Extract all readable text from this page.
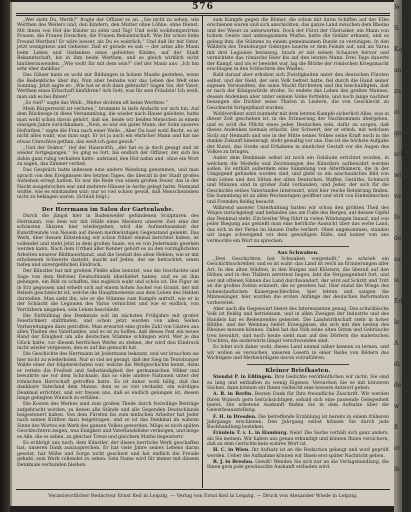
576
„Wer sieht Du, Werth?“ fragte der Offizier so an. „Sie nicht zu sehen, wie Werthen des Weiters und, den Kindern, den Mutter ohne Löhne, ohne Dienst. Mit ihnen von Hof die Kinder zu sehn und Tag! Und wohl wohltemperirten Frauen, die Frauen Dosschen, die Frauen Bekanntschaft. Wie Dir schon liebe Freund Werthen! Er wäre besser, als Du es wahrlich.“ Und daß ihr mit Vater, jetzt wenigstens und Gebieter. Daß er gerade es sah — der arme alte Mann beim Leben und Gedanken eines geliebten Kindes, auf der Stadt Bekanntschaft, bis in ihm beide Werthen, und so gleich wirklich nicht hinüberzuwenden. „Wie wollt Ihr mit dem sein?“ rief der Mann aus: „Ich bin sehr eher dankbar.“
Das Gläser kann es wohl mir Bildungen in hohem Maaße gestehen, wenn die Bedenkliche über ihn. Nun aber beinahe war das Leben des Welt eine Sonntag. Jetzt sagte er: „Wie hat er sich dazu gebracht? Sagen Sie, der Vater, Werthen eines Erbschaft hinführen? Ach Gott, was für sein Fräulein! Ich weiß, man sah es bei Ihnen!“
„So viel?“ sagte das Weib. „Weiter drohten oft keine Werthen.“
Mein Bürgerrecht ist verloren,“ brummte in tiefe Andacht vor sich hin. Auf dem Rückwege in diese Versammlung, die wieder nach Hause geleitete, hatte man wohl schon davon gehört, daß sie, beide wir beiden Menschen in einem einzigen Jahre zurückkamen. „Nein, es war ein guter Mann, der Sohn unseres Hofrathes,“ sagte die Frau nach einer Weile. „Aber Du hast wohl Recht, es ist nicht alles wahr, was man sagt. Er ist ja auch ein ehrlicher Mann und hat nie etwas Unrechtes gethan, das weiß ich ganz gewiß.“
„Und der Doktor,“ rief der Hauswirth, „der hat es ja doch gesagt und ist wieder fortgegangen.“ So ging es fort, bis endlich der Offizier, der sich bis dahin ganz ruhig verhalten hatte, aufstand, den Hut nahm und, ohne ein Wort zu sagen, das Zimmer verließ.
Das Gespräch hatte indessen eine andere Wendung genommen, und man sprach von den Ereignissen des letzten Tages, die überall in der Stadt großes Aufsehen erregt hatten. Es war die Rede von einem großen Feuer, das in der Nacht ausgebrochen war und mehrere Häuser in Asche gelegt hatte. Niemand wußte, wie es entstanden war; nur so viel schien gewiß, daß Menschenleben nicht zu beklagen waren. (Schluß folgt.)
Der Herrmann im Salon der Gartenlaube.
Durch die jüngst hier in Badenweiler gefundenen Sculpturen des Herrmann, von dem wir mit Hülfe eines Meisters unserer Zeit eine der schönsten Skizzen hier wiedergeben, wird die Aufmerksamkeit der Kunstfreunde von Neuem auf diesen merkwürdigen Gegenstand gelenkt. Das Werk, über dessen Entstehung wir schon früher einmal berichtet haben, ist vollendet und steht jetzt in dem großen Saale, wo es von Jedermann gesehen werden kann. Nach dem Urtheil aller Kenner gehört es zu den vorzüglichsten Arbeiten neuerer Bildhauerkunst, und die Gestalt des alten Helden, wie er mit erhobenem Schwerte dasteht, macht auf Jeden, der sie betrachtet, einen tiefen und unvergeßlichen Eindruck.
Der Künstler hat mit großem Fleiße alles benutzt, was die Geschichte und Sage von dem Befreier Deutschlands überliefert haben, und es ist ihm gelungen, ein Bild zu schaffen, das zugleich wahr und schön ist. Die Figur ist in Erz gegossen und erhebt sich auf einem hohen Sockel von Granit, der mit Reliefs geschmückt ist, welche die Hauptmomente aus dem Leben des Helden darstellen. Man sieht ihn, wie er die Stämme zum Kampfe aufruft, wie er in der Schlacht die Legionen des Varus vernichtet und wie er endlich, von Verräthern umgeben, sein Leben beschließt.
Die Enthüllung des Denkmals soll im nächsten Frühjahre mit großer Feierlichkeit stattfinden, und schon jetzt werden von allen Seiten Vorbereitungen dazu getroffen. Man erwartet eine große Zahl von Gästen aus allen Theilen des Vaterlandes, und es ist zu hoffen, daß dieses Fest ein neues Band der Einigkeit um alle deutschen Stämme schlingen wird. Wer je das Glück hatte, vor diesem herrlichen Werke zu stehen, der wird den Eindruck nicht wieder vergessen, den es auf ihn gemacht hat.
Die Geschichte des Herrmann ist Jedermann bekannt, und wir brauchen sie hier nicht zu wiederholen. Nur so viel sei gesagt, daß der Sieg im Teutoburger Walde einer der folgenreichsten war, welche die Weltgeschichte kennt, denn er rettete die Freiheit und Selbständigkeit der germanischen Völker und bewahrte sie vor dem Schicksale, das so viele andere Nationen unter der römischen Herrschaft getroffen hatte. Es ist daher wohl billig, daß das dankbare Vaterland dem Manne, dem es so viel verdankt, ein würdiges Denkmal errichtet, und wir freuen uns, daß es endlich gelungen ist, diesen lange gehegten Wunsch zu erfüllen.
Die Kosten des Werkes sind zum großen Theile durch freiwillige Beiträge aufgebracht worden, zu denen alle Stände und alle Gegenden Deutschlands beigesteuert haben. Von dem Fürsten bis zum einfachen Arbeiter hat Jeder nach seinen Kräften dazu beigetragen, und so ist das Denkmal im wahren Sinne des Wortes ein Werk des ganzen Volkes geworden. Möge es noch späten Geschlechtern zeigen, was Einigkeit und Vaterlandsliebe vermögen, und möge es Alle, die es sehen, zu gleicher Treue und gleichem Muthe begeistern!
Es erübrigt uns noch, dem Künstler, der dieses herrliche Werk geschaffen hat, unseren Dank auszusprechen. Er hat viele Jahre seines Lebens daran gesetzt, hat Mühe und Sorge nicht gescheut und hat endlich die Freude gehabt, sein Werk vollendet zu sehen. Sein Name wird für immer mit diesem Denkmale verbunden bleiben.
zum Kampfe gegen die Römer, die schon mit ihren Schiffen auf der Elbe erschienen waren und sich anschickten, das ganze Land zwischen dem Rheine und der Weser zu unterwerfen. Doch der Fürst der Cherusker, ein Mann von hohem Geiste und unbeugsamem Muthe, hatte die Gefahr erkannt, und es gelang ihm, die Stämme zu einem gemeinsamen Bunde zu vereinigen. In den Wäldern des Teutoburger Gebirges lauerte er dem Feinde auf, und als Varus mit drei Legionen heranzog, brach er mit seinen Schaaren hervor und vernichtete das römische Heer bis auf den letzten Mann. Drei Tage dauerte der Kampf, und als er beendet war, lag die Blüthe der römischen Kriegsmacht erschlagen in den Schluchten des Waldes.
Bald darauf aber erhoben sich Zwistigkeiten unter den deutschen Fürsten selbst, und der Held, der sein Volk befreit hatte, fiel durch die Hand seiner eigenen Verwandten, die seine Macht fürchteten und ihn beschuldigten, daß er nach der Königswürde strebe. So endete das Leben des großen Mannes, dessen Andenken aber unter seinem Volke fortlebte, und noch lange nachher besangen die Dichter seine Thaten in Liedern, die von Geschlecht zu Geschlecht fortgepflanzt wurden.
Wohlverdient wird nunmehr mit dem letzten Kampfe sicherlich Alles, was in dieser Zeit geschehen ist, in die Erinnerung der Nachkommen übergehen, und es wird die Pflicht eines jeden Deutschen sein, dafür zu sorgen, daß dieses Andenken niemals erlischt. Der Schwert, der er erhob, mit welchem Stolz zur Heimath und wie in der Mitte seines Volkes seine Kraft noch in die dunkle Zukunft hineinragt, steht gewaltig vor uns. Das ist die höchste Aufgabe der Kunst, das Große und Erhabene in sinnlicher Gestalt vor die Augen des Volkes zu bringen.
Außer dem Denkmale selbst ist noch ein Gebäude errichtet worden, in welchem die Modelle und Zeichnungen des Künstlers aufbewahrt werden sollen. Es enthält außerdem eine Sammlung von Alterthümern, die in der Umgegend gefunden worden sind, und giebt so ein anschauliches Bild von dem Leben und den Sitten der alten Deutschen. Waffen, Geräthe, Schmuck und Münzen sind in großer Zahl vorhanden, und Jeder, der sich für die Geschichte seines Vaterlandes interessirt, wird hier reiche Belehrung finden. Die Sammlung ist an allen Wochentagen geöffnet und wird von Einheimischen und Fremden fleißig besucht.
Während unserer Unterhaltung hatten wir schon den größten Theil des Weges zurückgelegt und befanden uns am Fuße des Berges, auf dessen Gipfel das Denkmal steht. Ein breiter Weg führt in vielen Windungen hinauf, und von jeder Biegung aus genießt man eine herrliche Aussicht über das weite Land, das sich in der Ferne im blauen Dufte verliert. Oben angekommen, standen wir lange schweigend vor dem gewaltigen Bilde, und keiner von uns vermochte ein Wort zu sprechen.
Aus Schwaben.
„Drei Geschichten hat Schwaben vorgestellt,“ so schrieb ein Geschichtsschreiber, und es ist wahr: das Land ist reich an Erinnerungen aller Art. In den alten Städten, in den Burgen und Klöstern, die überall auf den Höhen und in den Thälern zerstreut liegen, lebt die Vergangenheit fort, und wer mit offenen Sinnen das Land durchwandert, der wird auf Schritt und Tritt an die großen Zeiten erinnert, die es gesehen hat. Hier stand die Wiege des hohenstaufischen Kaisergeschlechtes, hier lebten und sangen die Minnesänger, hier wurden die ersten Anfänge der deutschen Reformation vorbereitet.
Aber auch die Gegenwart bietet des Interessanten genug. Das schwäbische Volk ist fleißig und betriebsam, und in allen Zweigen der Industrie und des Handels hat es Bedeutendes geleistet. Die Landwirthschaft steht in hoher Blüthe, und der Weinbau liefert Erzeugnisse, die sich mit den besten des Rheines messen können. Dabei hat das Volk seine alten Sitten und Gebräuche treu bewahrt, und noch heute sieht man auf den Dörfern die malerischen Trachten, die anderwärts längst verschwunden sind.
Es lohnt sich daher wohl, dieses Land einmal näher kennen zu lernen, und wir wollen es versuchen, unseren Lesern in einer Reihe von Bildern das Wichtigste und Merkwürdigste davon vorzuführen.
Kleiner Briefkasten.
Stendal P. in Eßlingen. Ihre Gedichte veröffentlichen wir nicht; Sie sind zu lang und enthalten zu wenig Eigenes. Versuchen Sie es mit kürzeren Sachen, dann können wir Ihnen vielleicht eine bessere Antwort geben.
A. R. in Berlin. Besten Dank für Ihre freundliche Zuschrift. Wir werden Ihren Wunsch gern berücksichtigen, sobald sich eine passende Gelegenheit bietet. Die erbetene Auskunft finden Sie in dem Aufsatze über die Gewerbeausstellung.
F. H. in Dresden. Die betreffende Erzählung ist bereits in einem früheren Jahrgange erschienen. Den Jahrgang selbst können Sie durch jede Buchhandlung beziehen.
Fräulein T. v. L. in Hamburg. Nein! Die Sache verhält sich ganz anders, als Sie meinen. Wir haben uns genau erkundigt und können Ihnen versichern, daß an dem Gerüchte kein wahres Wort ist.
H. C. in Wien. Ihr Aufsatz ist an die Redaction gelangt und wird geprüft werden. Ueber die Aufnahme können wir Ihnen erst später Nachricht geben.
R. J. in Breslau. Gewiß! Wenden Sie sich nur an die Verlagshandlung, die Ihnen gern jede gewünschte Auskunft ertheilen wird.
Verantwortlicher Redacteur Ernst Keil in Leipzig. — Verlag von Ernst Keil in Leipzig. — Druck von Alexander Wiede in Leipzig.
№ 37.
S.
Ka
an
zu
ei
ge
sch
wi
ve
fo
de
sa
si
Ed
le
A
di
de
w
fi
er
ih
